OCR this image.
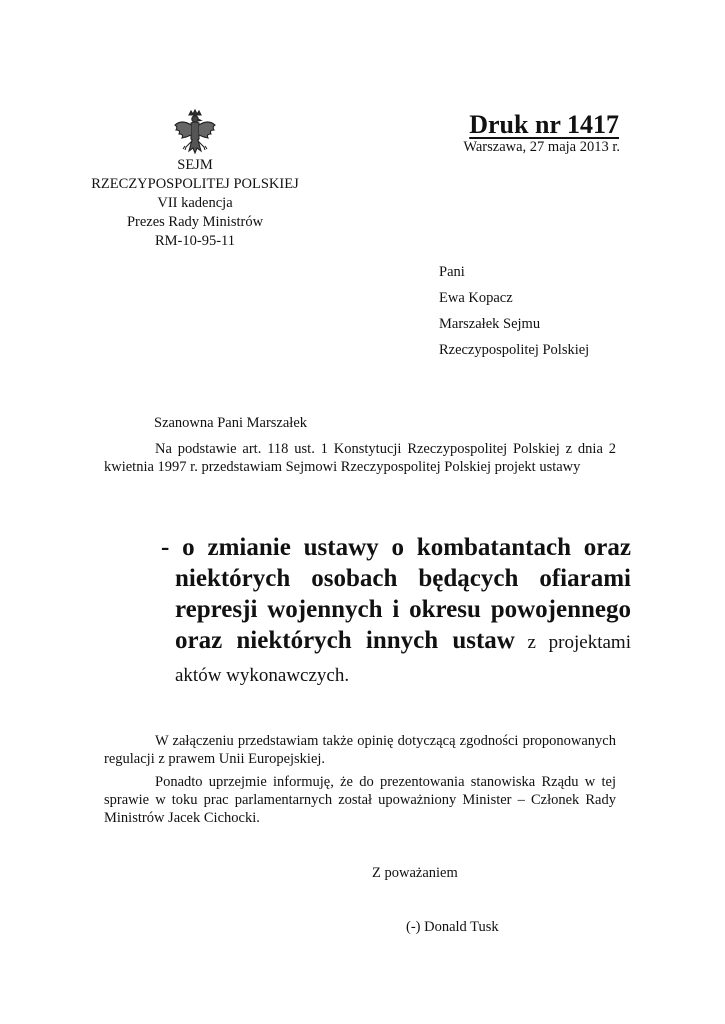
SEJM
RZECZYPOSPOLITEJ POLSKIEJ
VII kadencja
Prezes Rady Ministrów
RM-10-95-11
Druk nr 1417
Warszawa, 27 maja 2013 r.
Pani
Ewa Kopacz
Marszałek Sejmu
Rzeczypospolitej Polskiej
Szanowna Pani Marszałek
Na podstawie art. 118 ust. 1 Konstytucji Rzeczypospolitej Polskiej z dnia 2 kwietnia 1997 r. przedstawiam Sejmowi Rzeczypospolitej Polskiej projekt ustawy
- o zmianie ustawy o kombatantach oraz niektórych osobach będących ofiarami represji wojennych i okresu powojennego oraz niektórych innych ustaw z projektami aktów wykonawczych.
W załączeniu przedstawiam także opinię dotyczącą zgodności proponowanych regulacji z prawem Unii Europejskiej.
Ponadto uprzejmie informuję, że do prezentowania stanowiska Rządu w tej sprawie w toku prac parlamentarnych został upoważniony Minister – Członek Rady Ministrów Jacek Cichocki.
Z poważaniem
(-) Donald Tusk
